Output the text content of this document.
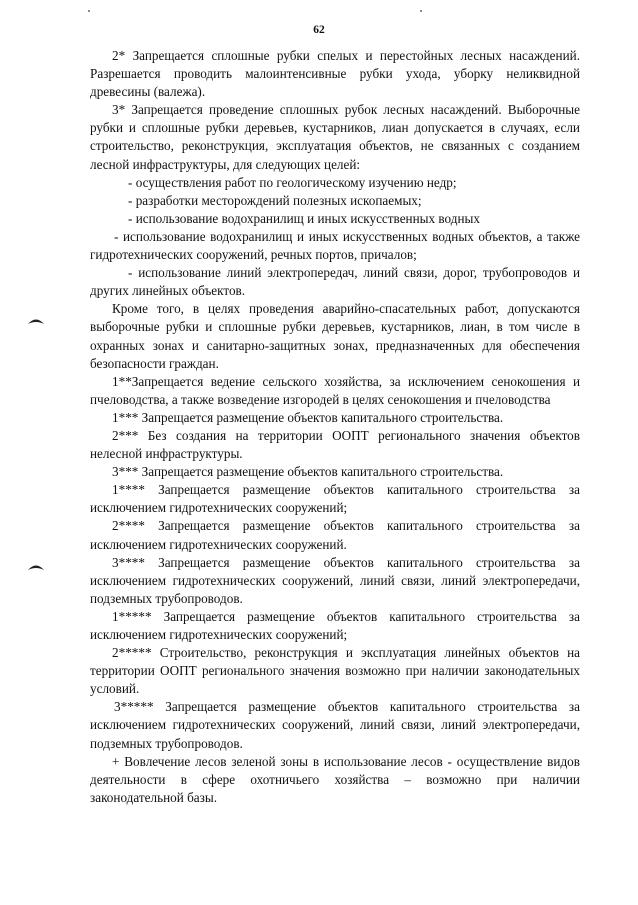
62

2* Запрещается сплошные рубки спелых и перестойных лесных насаждений. Разрешается проводить малоинтенсивные рубки ухода, уборку неликвидной древесины (валежа).

3* Запрещается проведение сплошных рубок лесных насаждений. Выборочные рубки и сплошные рубки деревьев, кустарников, лиан допускается в случаях, если строительство, реконструкция, эксплуатация объектов, не связанных с созданием лесной инфраструктуры, для следующих целей:

- осуществления работ по геологическому изучению недр;

- разработки месторождений полезных ископаемых;

- использование водохранилищ и иных искусственных водных

- использование водохранилищ и иных искусственных водных объектов, а также гидротехнических сооружений, речных портов, причалов;

- использование линий электропередач, линий связи, дорог, трубопроводов и других линейных объектов.

Кроме того, в целях проведения аварийно-спасательных работ, допускаются выборочные рубки и сплошные рубки деревьев, кустарников, лиан, в том числе в охранных зонах и санитарно-защитных зонах, предназначенных для обеспечения безопасности граждан.

1**Запрещается ведение сельского хозяйства, за исключением сенокошения и пчеловодства, а также возведение изгородей в целях сенокошения и пчеловодства

1*** Запрещается размещение объектов капитального строительства.

2*** Без создания на территории ООПТ регионального значения объектов нелесной инфраструктуры.

3*** Запрещается размещение объектов капитального строительства.

1**** Запрещается размещение объектов капитального строительства за исключением гидротехнических сооружений;

2**** Запрещается размещение объектов капитального строительства за исключением гидротехнических сооружений.

3**** Запрещается размещение объектов капитального строительства за исключением гидротехнических сооружений, линий связи, линий электропередачи, подземных трубопроводов.

1***** Запрещается размещение объектов капитального строительства за исключением гидротехнических сооружений;

2***** Строительство, реконструкция и эксплуатация линейных объектов на территории ООПТ регионального значения возможно при наличии законодательных условий.

3***** Запрещается размещение объектов капитального строительства за исключением гидротехнических сооружений, линий связи, линий электропередачи, подземных трубопроводов.

+ Вовлечение лесов зеленой зоны в использование лесов - осуществление видов деятельности в сфере охотничьего хозяйства – возможно при наличии законодательной базы.
